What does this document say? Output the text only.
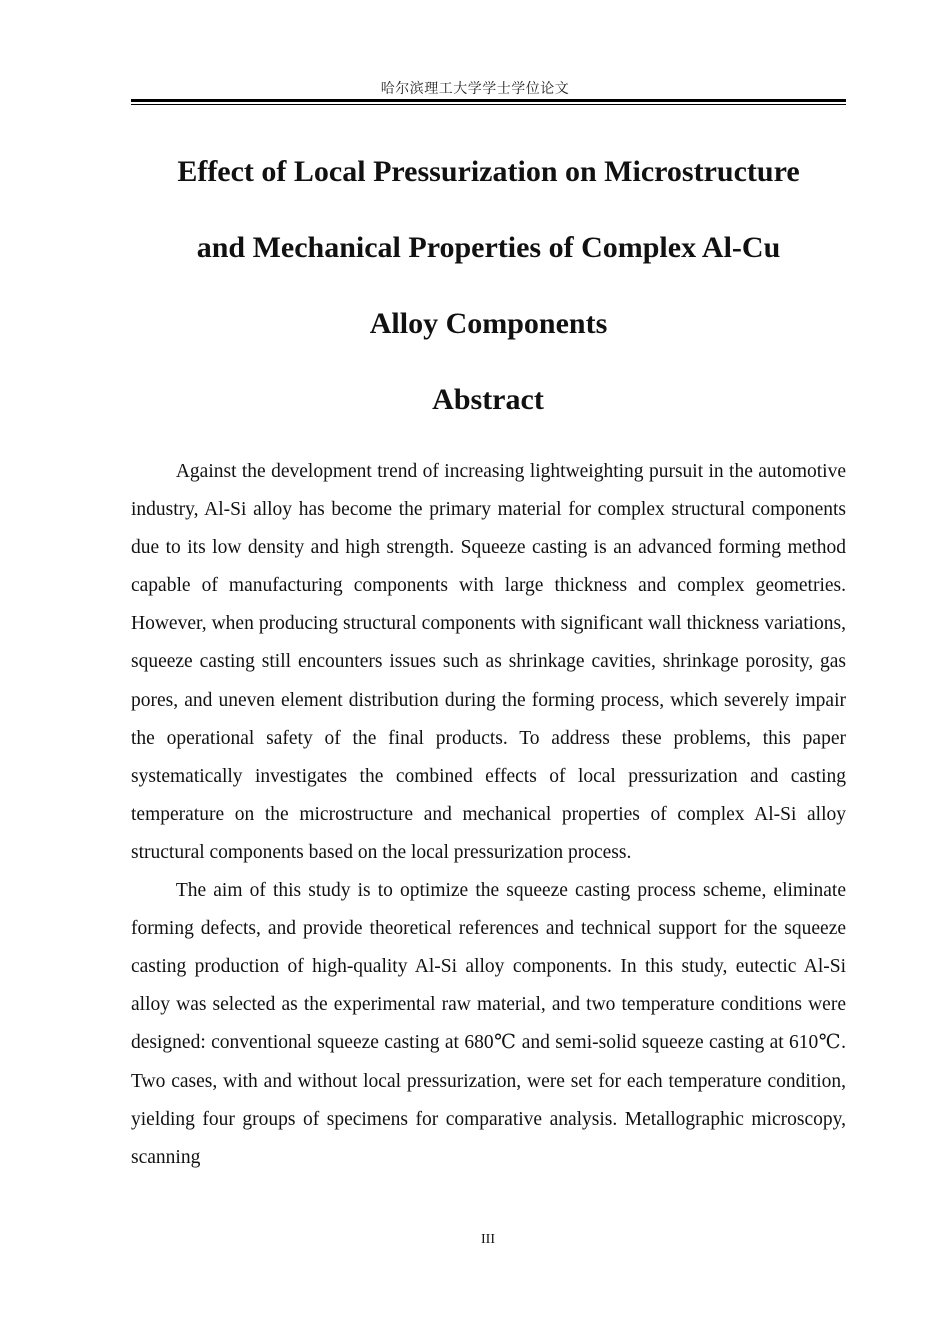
哈尔滨理工大学学士学位论文
Effect of Local Pressurization on Microstructure
and Mechanical Properties of Complex Al-Cu
Alloy Components
Abstract

Against the development trend of increasing lightweighting pursuit in the automotive industry, Al-Si alloy has become the primary material for complex structural components due to its low density and high strength. Squeeze casting is an advanced forming method capable of manufacturing components with large thickness and complex geometries. However, when producing structural components with significant wall thickness variations, squeeze casting still encounters issues such as shrinkage cavities, shrinkage porosity, gas pores, and uneven element distribution during the forming process, which severely impair the operational safety of the final products. To address these problems, this paper systematically investigates the combined effects of local pressurization and casting temperature on the microstructure and mechanical properties of complex Al-Si alloy structural components based on the local pressurization process.

The aim of this study is to optimize the squeeze casting process scheme, eliminate forming defects, and provide theoretical references and technical support for the squeeze casting production of high-quality Al-Si alloy components. In this study, eutectic Al-Si alloy was selected as the experimental raw material, and two temperature conditions were designed: conventional squeeze casting at 680℃ and semi-solid squeeze casting at 610℃. Two cases, with and without local pressurization, were set for each temperature condition, yielding four groups of specimens for comparative analysis. Metallographic microscopy, scanning

III
